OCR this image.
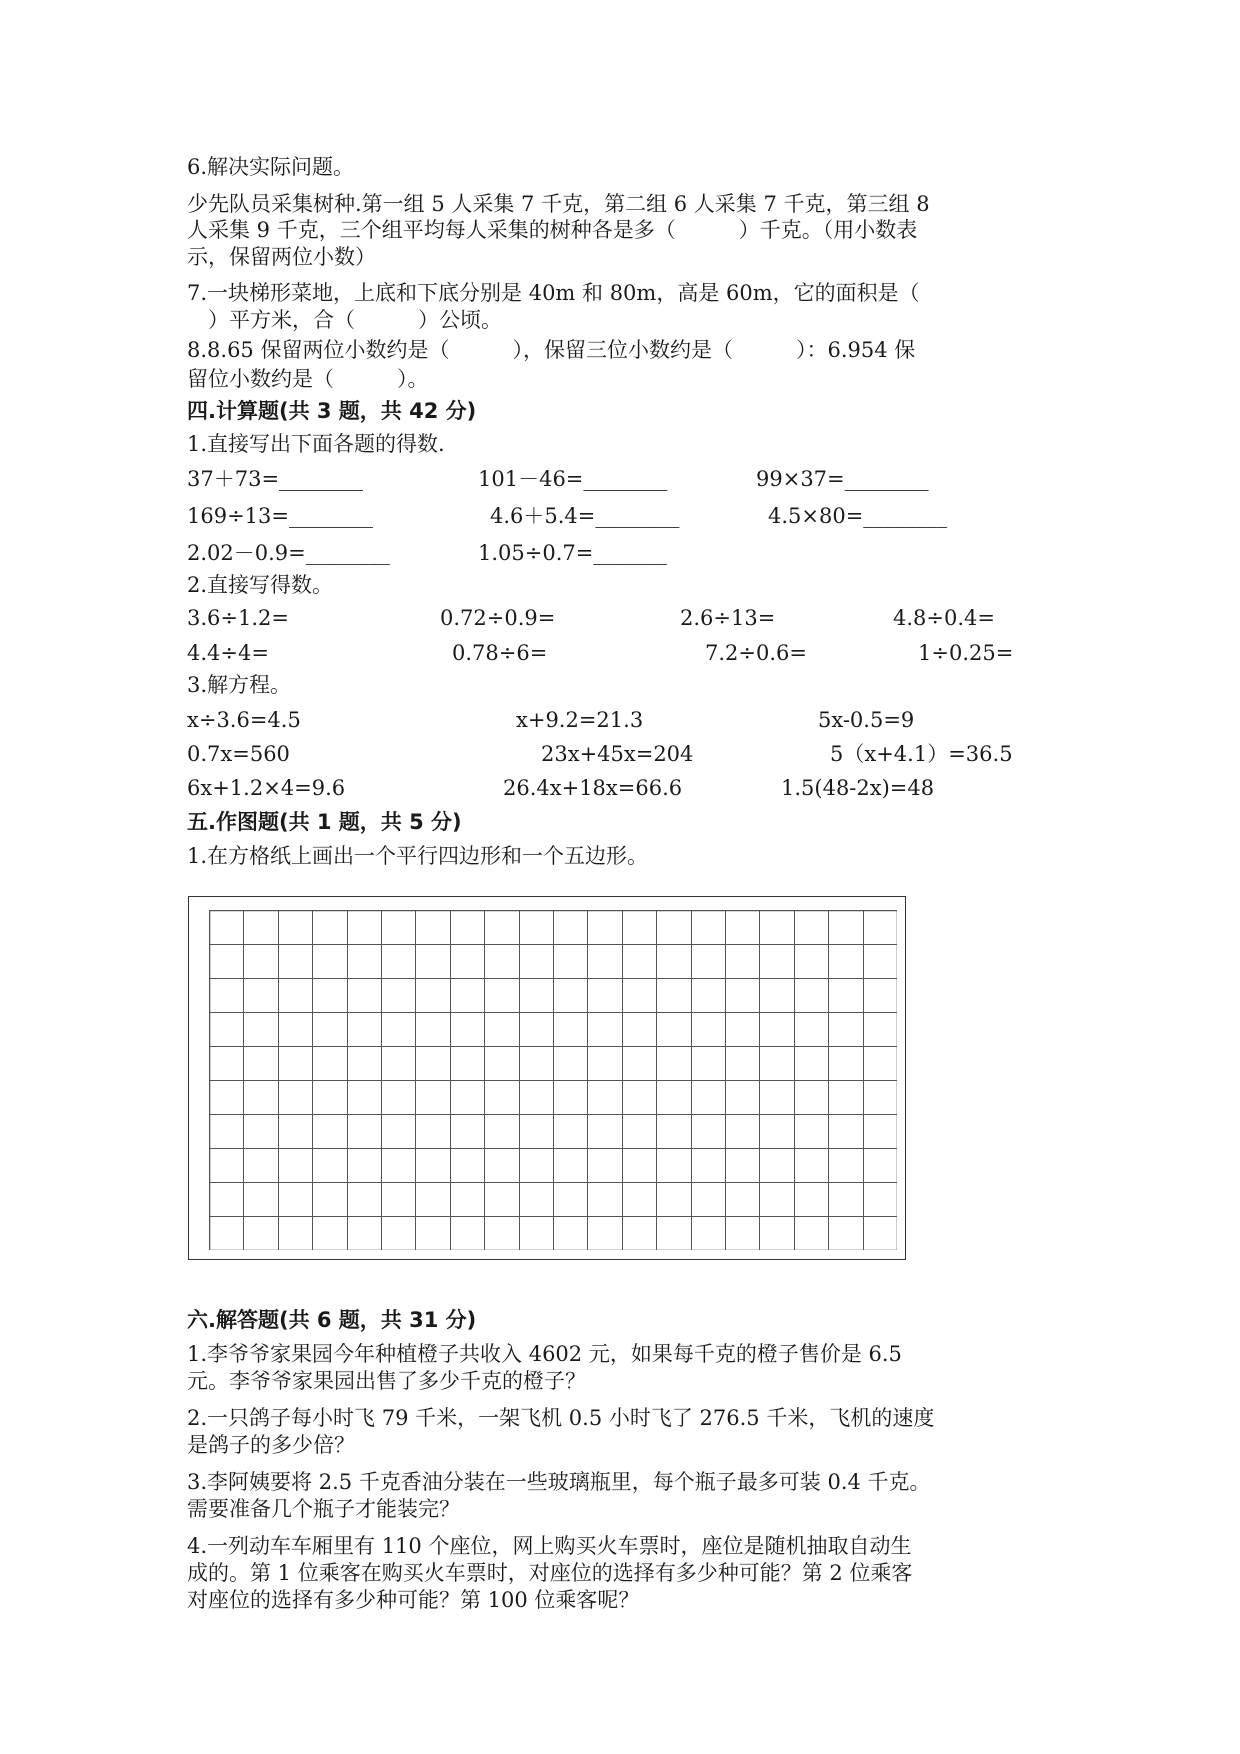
6.解决实际问题。
少先队员采集树种.第一组 5 人采集 7 千克，第二组 6 人采集 7 千克，第三组 8
人采集 9 千克，三个组平均每人采集的树种各是多（　　　）千克。（用小数表
示，保留两位小数）
7.一块梯形菜地，上底和下底分别是 40m 和 80m，高是 60m，它的面积是（
　）平方米，合（　　　）公顷。
8.8.65 保留两位小数约是（　　　），保留三位小数约是（　　　）：6.954 保
留位小数约是（　　　）。
四.计算题(共 3 题，共 42 分)
1.直接写出下面各题的得数.
37＋73=________	101－46=________	99×37=________
169÷13=________	4.6＋5.4=________	4.5×80=________
2.02－0.9=________	1.05÷0.7=_______
2.直接写得数。
3.6÷1.2=	0.72÷0.9=	2.6÷13=	4.8÷0.4=
4.4÷4=	0.78÷6=	7.2÷0.6=	1÷0.25=
3.解方程。
x÷3.6=4.5	x+9.2=21.3	5x-0.5=9
0.7x=560	23x+45x=204	5（x+4.1）=36.5
6x+1.2×4=9.6	26.4x+18x=66.6	1.5(48-2x)=48
五.作图题(共 1 题，共 5 分)
1.在方格纸上画出一个平行四边形和一个五边形。
六.解答题(共 6 题，共 31 分)
1.李爷爷家果园今年种植橙子共收入 4602 元，如果每千克的橙子售价是 6.5
元。李爷爷家果园出售了多少千克的橙子？
2.一只鸽子每小时飞 79 千米，一架飞机 0.5 小时飞了 276.5 千米，飞机的速度
是鸽子的多少倍？
3.李阿姨要将 2.5 千克香油分装在一些玻璃瓶里，每个瓶子最多可装 0.4 千克。
需要准备几个瓶子才能装完？
4.一列动车车厢里有 110 个座位，网上购买火车票时，座位是随机抽取自动生
成的。第 1 位乘客在购买火车票时，对座位的选择有多少种可能？第 2 位乘客
对座位的选择有多少种可能？第 100 位乘客呢？
